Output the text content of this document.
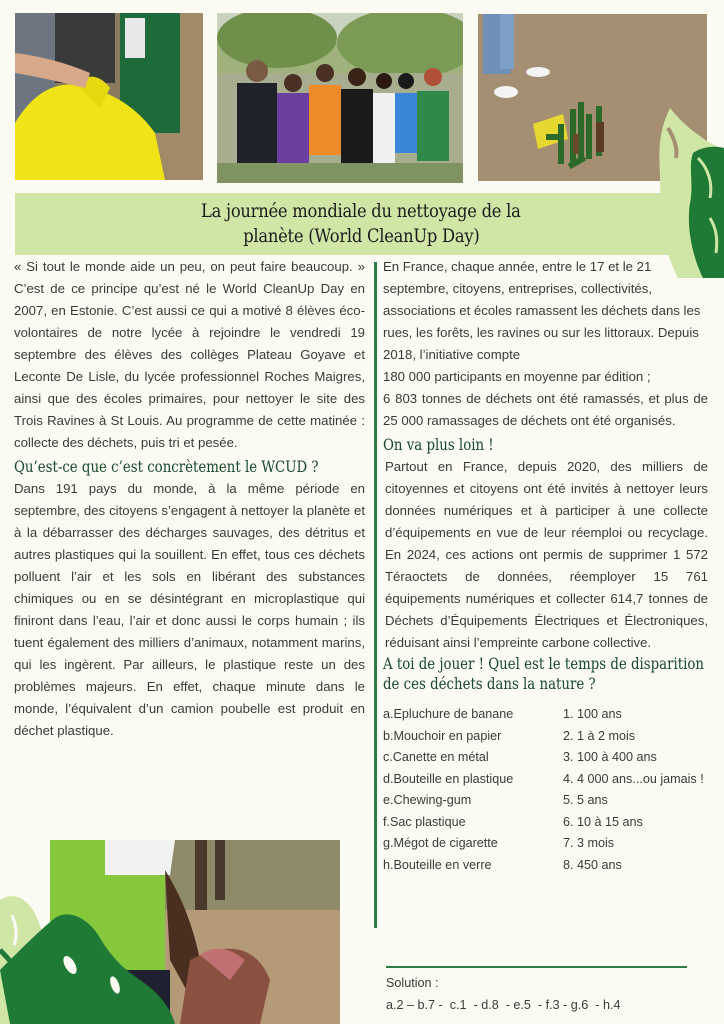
La journée mondiale du nettoyage de la
planète (World CleanUp Day)

« Si tout le monde aide un peu, on peut faire beaucoup. » C’est de ce principe qu’est né le World CleanUp Day en 2007, en Estonie. C’est aussi ce qui a motivé 8 élèves éco-volontaires de notre lycée à rejoindre le vendredi 19 septembre des élèves des collèges Plateau Goyave et Leconte De Lisle, du lycée professionnel Roches Maigres, ainsi que des écoles primaires, pour nettoyer le site des Trois Ravines à St Louis. Au programme de cette matinée : collecte des déchets, puis tri et pesée.

Qu’est-ce que c’est concrètement le WCUD ?

Dans 191 pays du monde, à la même période en septembre, des citoyens s’engagent à nettoyer la planète et à la débarrasser des décharges sauvages, des détritus et autres plastiques qui la souillent. En effet, tous ces déchets polluent l’air et les sols en libérant des substances chimiques ou en se désintégrant en microplastique qui finiront dans l’eau, l’air et donc aussi le corps humain ; ils tuent également des milliers d’animaux, notamment marins, qui les ingèrent. Par ailleurs, le plastique reste un des problèmes majeurs. En effet, chaque minute dans le monde, l’équivalent d’un camion poubelle est produit en déchet plastique.

En France, chaque année, entre le 17 et le 21 septembre, citoyens, entreprises, collectivités, associations et écoles ramassent les déchets dans les rues, les forêts, les ravines ou sur les littoraux. Depuis 2018, l’initiative compte

180 000 participants en moyenne par édition ;

6 803 tonnes de déchets ont été ramassés, et plus de 25 000 ramassages de déchets ont été organisés.

On va plus loin !

Partout en France, depuis 2020, des milliers de citoyennes et citoyens ont été invités à nettoyer leurs données numériques et à participer à une collecte d’équipements en vue de leur réemploi ou recyclage. En 2024, ces actions ont permis de supprimer 1 572 Téraoctets de données, réemployer 15 761 équipements numériques et collecter 614,7 tonnes de Déchets d’Équipements Électriques et Électroniques, réduisant ainsi l’empreinte carbone collective.

A toi de jouer ! Quel est le temps de disparition de ces déchets dans la nature ?
a.Epluchure de banane	1. 100 ans
b.Mouchoir en papier	2. 1 à 2 mois
c.Canette en métal	3. 100 à 400 ans
d.Bouteille en plastique	4. 4 000 ans...ou jamais !
e.Chewing-gum	5. 5 ans
f.Sac plastique	6. 10 à 15 ans
g.Mégot de cigarette	7. 3 mois
h.Bouteille en verre	8. 450 ans
Solution :
a.2 – b.7 -  c.1  - d.8  - e.5  - f.3 - g.6  - h.4
